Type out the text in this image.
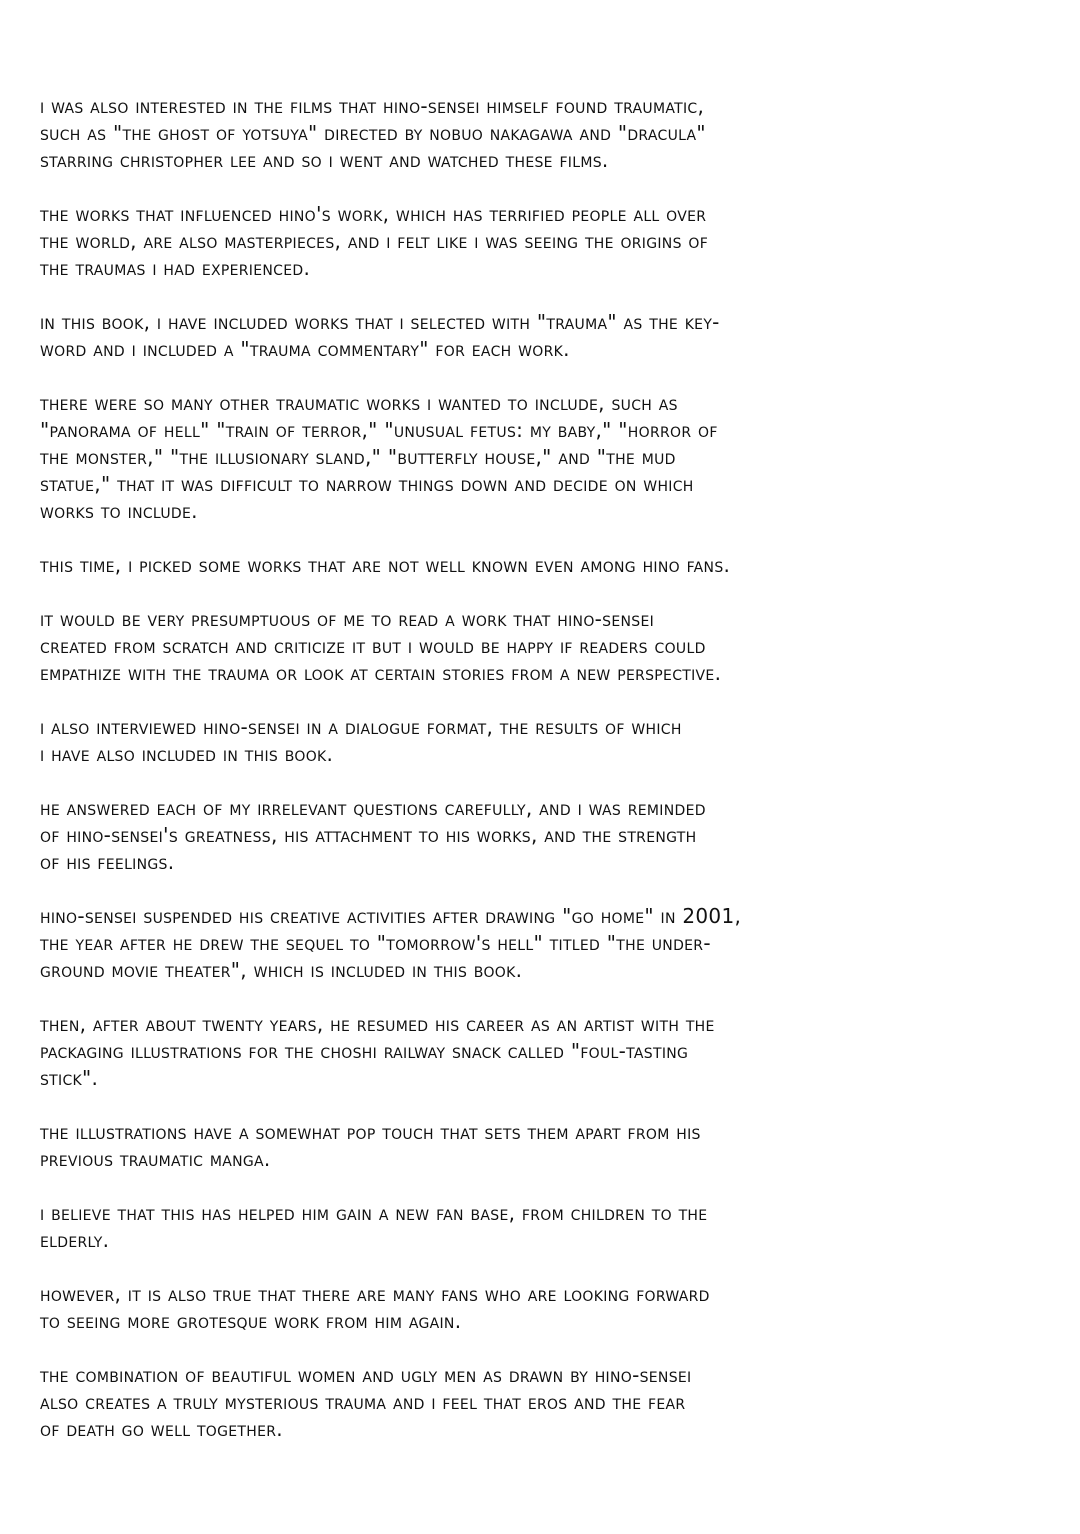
i was also interested in the films that hino-sensei himself found traumatic,
such as "the ghost of yotsuya" directed by nobuo nakagawa and "dracula"
starring christopher lee and so i went and watched these films.

the works that influenced hino's work, which has terrified people all over
the world, are also masterpieces, and i felt like i was seeing the origins of
the traumas i had experienced.

in this book, i have included works that i selected with "trauma" as the key-
word and i included a "trauma commentary" for each work.

there were so many other traumatic works i wanted to include, such as
"panorama of hell" "train of terror," "unusual fetus: my baby," "horror of
the monster," "the illusionary sland," "butterfly house," and "the mud
statue," that it was difficult to narrow things down and decide on which
works to include.

this time, i picked some works that are not well known even among hino fans.

it would be very presumptuous of me to read a work that hino-sensei
created from scratch and criticize it but i would be happy if readers could
empathize with the trauma or look at certain stories from a new perspective.

i also interviewed hino-sensei in a dialogue format, the results of which
i have also included in this book.

he answered each of my irrelevant questions carefully, and i was reminded
of hino-sensei's greatness, his attachment to his works, and the strength
of his feelings.

hino-sensei suspended his creative activities after drawing "go home" in 2001,
the year after he drew the sequel to "tomorrow's hell" titled "the under-
ground movie theater", which is included in this book.

then, after about twenty years, he resumed his career as an artist with the
packaging illustrations for the choshi railway snack called "foul-tasting
stick".

the illustrations have a somewhat pop touch that sets them apart from his
previous traumatic manga.

i believe that this has helped him gain a new fan base, from children to the
elderly.

however, it is also true that there are many fans who are looking forward
to seeing more grotesque work from him again.

the combination of beautiful women and ugly men as drawn by hino-sensei
also creates a truly mysterious trauma and i feel that eros and the fear
of death go well together.
